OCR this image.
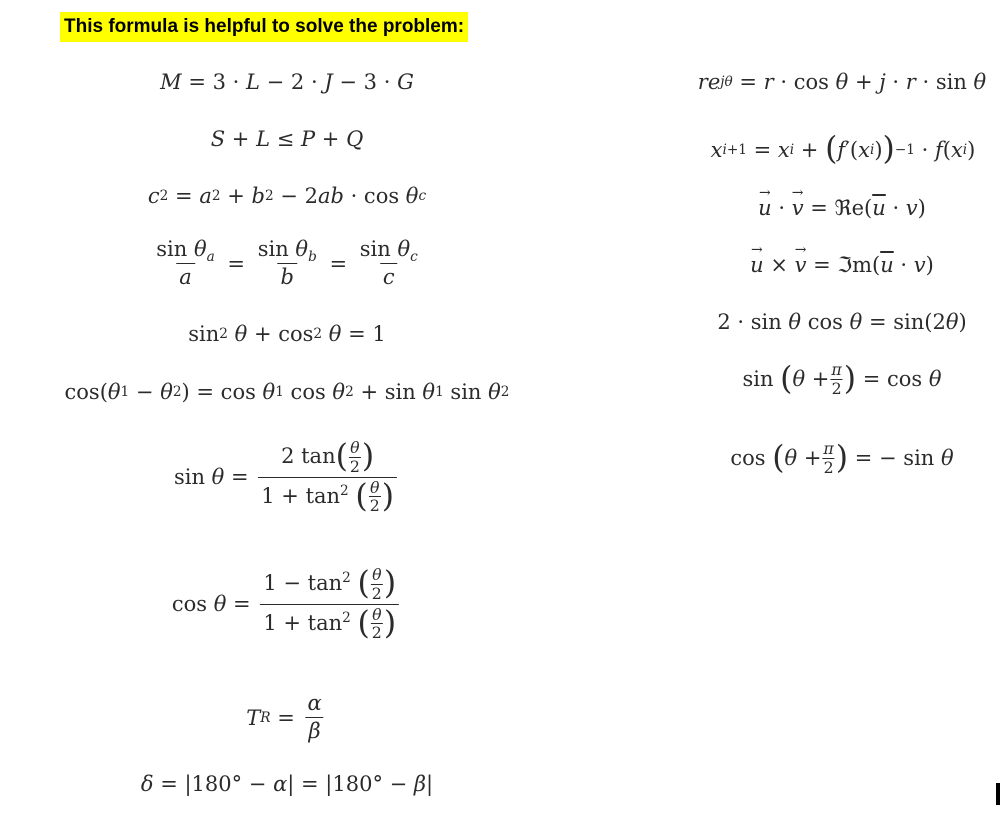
This formula is helpful to solve the problem:
M = 3 · L − 2 · J − 3 · G
S + L ≤ P + Q
c 2 = a 2 + b 2 − 2 ab · cos θ c
$\frac{\sin \theta_a}{a} = \frac{\sin \theta_b}{b} = \frac{\sin \theta_c}{c}$
sin 2
θ + cos 2
θ = 1
cos( θ 1 − θ 2 ) = cos θ 1 cos θ 2 + sin θ 1 sin θ 2
$\sin \theta = \frac{2 \tan( \frac{\theta}{2} )}{1 + \tan^2 ( \frac{\theta}{2} )}$
$\cos \theta = \frac{1 - \tan^2 ( \frac{\theta}{2} )}{1 + \tan^2 ( \frac{\theta}{2} )}$
T $R = \frac{\alpha}{\beta}$
δ = |180° − α | = |180° − β |
re jθ = r · cos θ + j · r · sin θ
x i+1 = x i + ( f ′( x i ) ) −1 · f ( x i )
u → · v → = ℜe( $\overline{u} \cdot v$ )
u → × v → = ℑm( $\overline{u} \cdot v$ )
2 · sin θ cos θ = sin(2 θ )
sin ( θ + π
2 ) = cos θ
cos ( θ + π
2 ) = − sin θ
